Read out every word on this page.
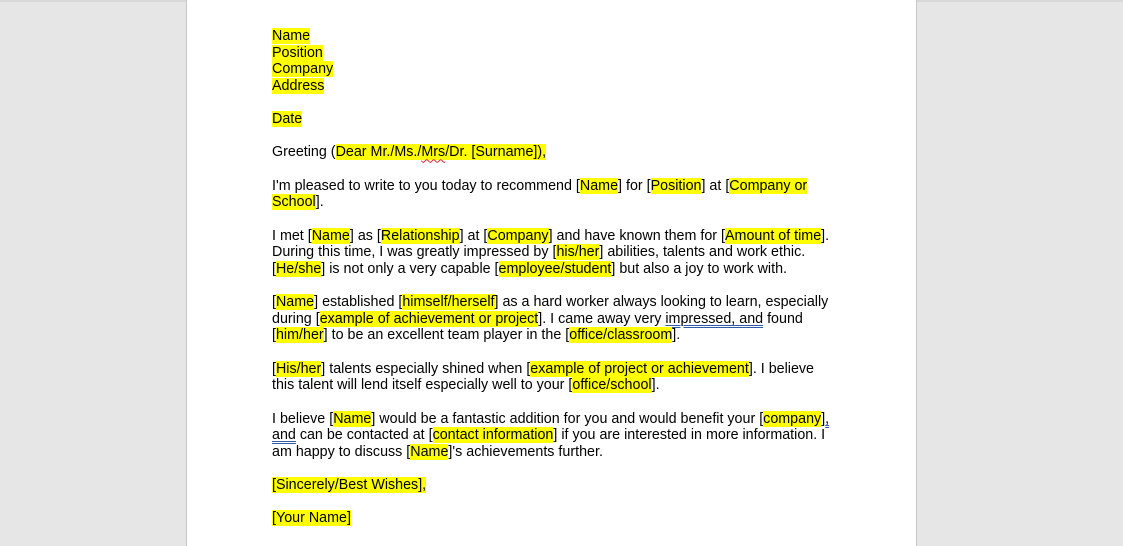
Name
Position
Company
Address
Date
Greeting (Dear Mr./Ms./Mrs/Dr. [Surname]),
I'm pleased to write to you today to recommend [Name] for [Position] at [Company or
School].
I met [Name] as [Relationship] at [Company] and have known them for [Amount of time].
During this time, I was greatly impressed by [his/her] abilities, talents and work ethic.
[He/she] is not only a very capable [employee/student] but also a joy to work with.
[Name] established [himself/herself] as a hard worker always looking to learn, especially
during [example of achievement or project]. I came away very impressed, and found
[him/her] to be an excellent team player in the [office/classroom].
[His/her] talents especially shined when [example of project or achievement]. I believe
this talent will lend itself especially well to your [office/school].
I believe [Name] would be a fantastic addition for you and would benefit your [company],
and can be contacted at [contact information] if you are interested in more information. I
am happy to discuss [Name]'s achievements further.
[Sincerely/Best Wishes],
[Your Name]
